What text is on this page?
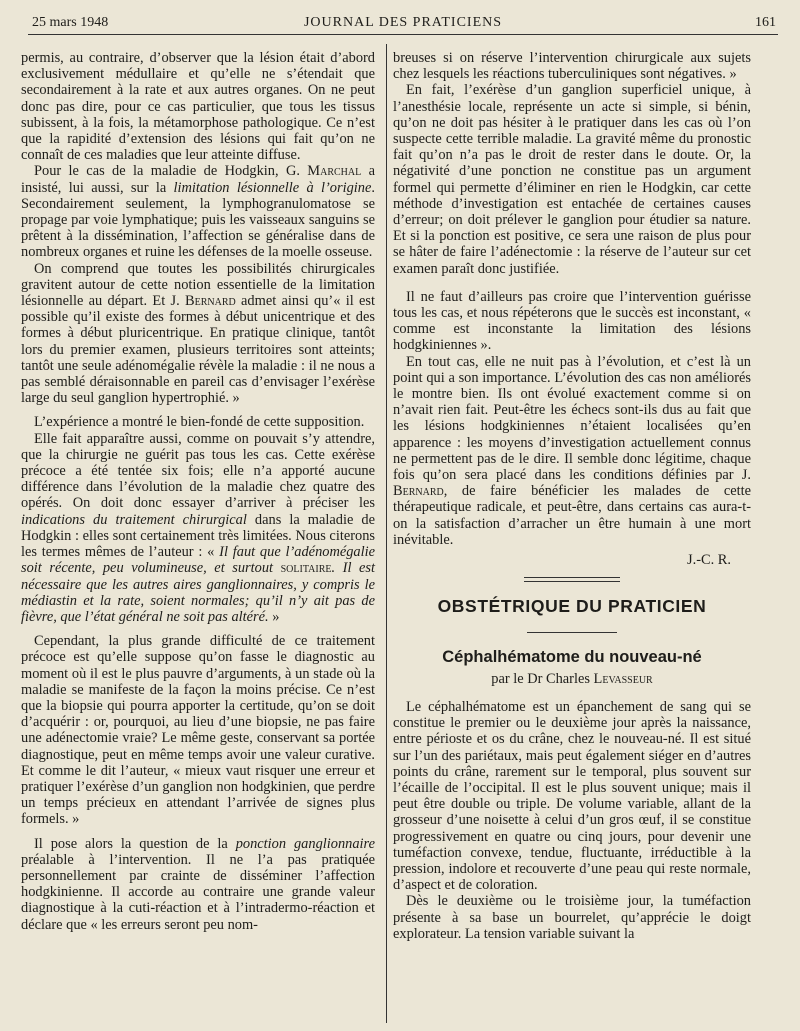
25 mars 1948	JOURNAL DES PRATICIENS	161

permis, au contraire, d’observer que la lésion était d’abord exclusivement médullaire et qu’elle ne s’étendait que secondairement à la rate et aux autres organes. On ne peut donc pas dire, pour ce cas particulier, que tous les tissus subissent, à la fois, la métamorphose pathologique. Ce n’est que la rapidité d’extension des lésions qui fait qu’on ne connaît de ces maladies que leur atteinte diffuse.

Pour le cas de la maladie de Hodgkin, G. Marchal a insisté, lui aussi, sur la limitation lésionnelle à l’origine. Secondairement seulement, la lymphogranulomatose se propage par voie lymphatique; puis les vaisseaux sanguins se prêtent à la dissémination, l’affection se généralise dans de nombreux organes et ruine les défenses de la moelle osseuse.

On comprend que toutes les possibilités chirurgicales gravitent autour de cette notion essentielle de la limitation lésionnelle au départ. Et J. Bernard admet ainsi qu’« il est possible qu’il existe des formes à début unicentrique et des formes à début pluricentrique. En pratique clinique, tantôt lors du premier examen, plusieurs territoires sont atteints; tantôt une seule adénomégalie révèle la maladie : il ne nous a pas semblé déraisonnable en pareil cas d’envisager l’exérèse large du seul ganglion hypertrophié. »

L’expérience a montré le bien-fondé de cette supposition.

Elle fait apparaître aussi, comme on pouvait s’y attendre, que la chirurgie ne guérit pas tous les cas. Cette exérèse précoce a été tentée six fois; elle n’a apporté aucune différence dans l’évolution de la maladie chez quatre des opérés. On doit donc essayer d’arriver à préciser les indications du traitement chirurgical dans la maladie de Hodgkin : elles sont certainement très limitées. Nous citerons les termes mêmes de l’auteur : « Il faut que l’adénomégalie soit récente, peu volumineuse, et surtout solitaire. Il est nécessaire que les autres aires ganglionnaires, y compris le médiastin et la rate, soient normales; qu’il n’y ait pas de fièvre, que l’état général ne soit pas altéré. »

Cependant, la plus grande difficulté de ce traitement précoce est qu’elle suppose qu’on fasse le diagnostic au moment où il est le plus pauvre d’arguments, à un stade où la maladie se manifeste de la façon la moins précise. Ce n’est que la biopsie qui pourra apporter la certitude, qu’on se doit d’acquérir : or, pourquoi, au lieu d’une biopsie, ne pas faire une adénectomie vraie? Le même geste, conservant sa portée diagnostique, peut en même temps avoir une valeur curative. Et comme le dit l’auteur, « mieux vaut risquer une erreur et pratiquer l’exérèse d’un ganglion non hodgkinien, que perdre un temps précieux en attendant l’arrivée de signes plus formels. »

Il pose alors la question de la ponction ganglionnaire préalable à l’intervention. Il ne l’a pas pratiquée personnellement par crainte de disséminer l’affection hodgkinienne. Il accorde au contraire une grande valeur diagnostique à la cuti-réaction et à l’intradermo-réaction et déclare que « les erreurs seront peu nom-

breuses si on réserve l’intervention chirurgicale aux sujets chez lesquels les réactions tuberculiniques sont négatives. »

En fait, l’exérèse d’un ganglion superficiel unique, à l’anesthésie locale, représente un acte si simple, si bénin, qu’on ne doit pas hésiter à le pratiquer dans les cas où l’on suspecte cette terrible maladie. La gravité même du pronostic fait qu’on n’a pas le droit de rester dans le doute. Or, la négativité d’une ponction ne constitue pas un argument formel qui permette d’éliminer en rien le Hodgkin, car cette méthode d’investigation est entachée de certaines causes d’erreur; on doit prélever le ganglion pour étudier sa nature. Et si la ponction est positive, ce sera une raison de plus pour se hâter de faire l’adénectomie : la réserve de l’auteur sur cet examen paraît donc justifiée.

Il ne faut d’ailleurs pas croire que l’intervention guérisse tous les cas, et nous répéterons que le succès est inconstant, « comme est inconstante la limitation des lésions hodgkiniennes ».

En tout cas, elle ne nuit pas à l’évolution, et c’est là un point qui a son importance. L’évolution des cas non améliorés le montre bien. Ils ont évolué exactement comme si on n’avait rien fait. Peut-être les échecs sont-ils dus au fait que les lésions hodgkiniennes n’étaient localisées qu’en apparence : les moyens d’investigation actuellement connus ne permettent pas de le dire. Il semble donc légitime, chaque fois qu’on sera placé dans les conditions définies par J. Bernard, de faire bénéficier les malades de cette thérapeutique radicale, et peut-être, dans certains cas aura-t-on la satisfaction d’arracher un être humain à une mort inévitable.

J.-C. R.
OBSTÉTRIQUE DU PRATICIEN
Céphalhématome du nouveau-né
par le Dr Charles Levasseur

Le céphalhématome est un épanchement de sang qui se constitue le premier ou le deuxième jour après la naissance, entre périoste et os du crâne, chez le nouveau-né. Il est situé sur l’un des pariétaux, mais peut également siéger en d’autres points du crâne, rarement sur le temporal, plus souvent sur l’écaille de l’occipital. Il est le plus souvent unique; mais il peut être double ou triple. De volume variable, allant de la grosseur d’une noisette à celui d’un gros œuf, il se constitue progressivement en quatre ou cinq jours, pour devenir une tuméfaction convexe, tendue, fluctuante, irréductible à la pression, indolore et recouverte d’une peau qui reste normale, d’aspect et de coloration.

Dès le deuxième ou le troisième jour, la tuméfaction présente à sa base un bourrelet, qu’apprécie le doigt explorateur. La tension variable suivant la
